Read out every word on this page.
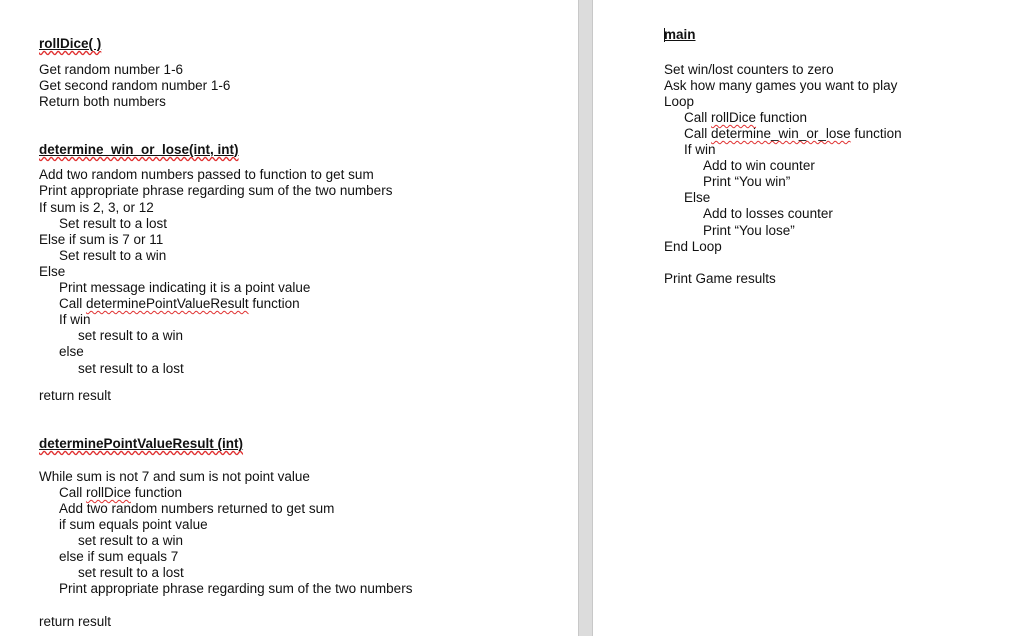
rollDice( )
Get random number 1-6
Get second random number 1-6
Return both numbers
determine_win_or_lose(int, int)
Add two random numbers passed to function to get sum
Print appropriate phrase regarding sum of the two numbers
If sum is 2, 3, or 12
Set result to a lost
Else if sum is 7 or 11
Set result to a win
Else
Print message indicating it is a point value
Call determinePointValueResult function
If win
set result to a win
else
set result to a lost
return result
determinePointValueResult (int)
While sum is not 7 and sum is not point value
Call rollDice function
Add two random numbers returned to get sum
if sum equals point value
set result to a win
else if sum equals 7
set result to a lost
Print appropriate phrase regarding sum of the two numbers
return result
main
Set win/lost counters to zero
Ask how many games you want to play
Loop
Call rollDice function
Call determine_win_or_lose function
If win
Add to win counter
Print “You win”
Else
Add to losses counter
Print “You lose”
End Loop
Print Game results
